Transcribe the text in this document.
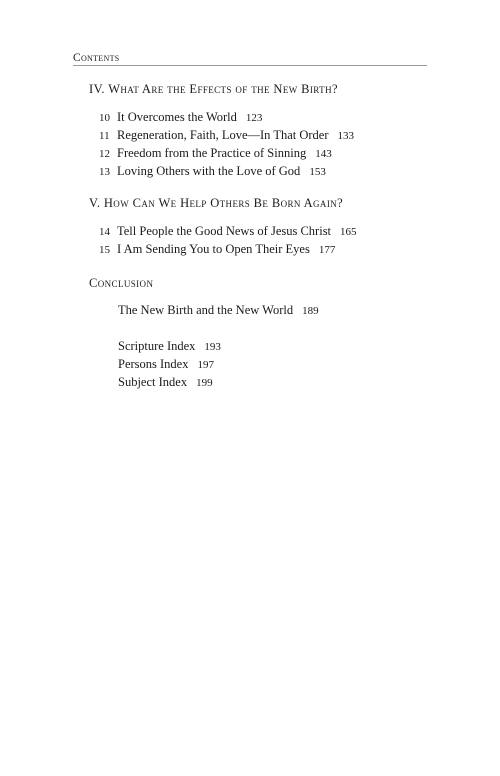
Contents
IV. What Are the Effects of the New Birth?
10 It Overcomes the World 123
11 Regeneration, Faith, Love—In That Order 133
12 Freedom from the Practice of Sinning 143
13 Loving Others with the Love of God 153
V. How Can We Help Others Be Born Again?
14 Tell People the Good News of Jesus Christ 165
15 I Am Sending You to Open Their Eyes 177
Conclusion
The New Birth and the New World 189
Scripture Index 193
Persons Index 197
Subject Index 199
